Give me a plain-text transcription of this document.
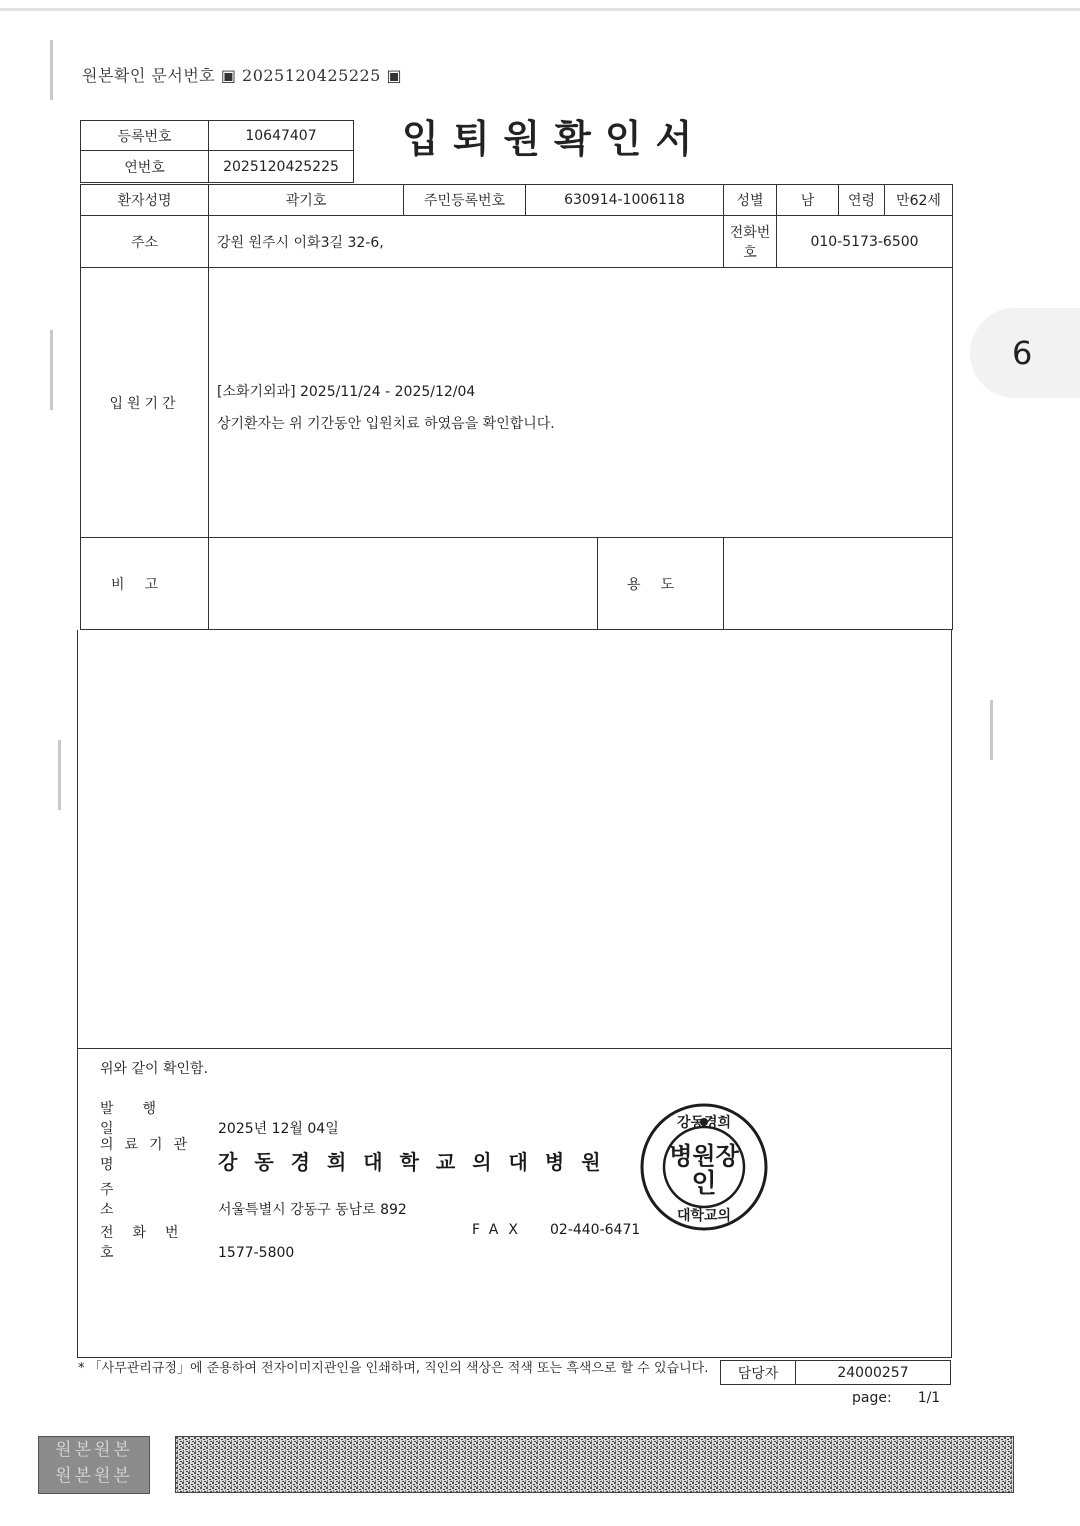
원본확인 문서번호 ▣ 2025120425225 ▣
입퇴원확인서
6
등록번호	10647407
연번호	2025120425225
환자성명	곽기호	주민등록번호	630914-1006118		성별	남	연령	만62세
주소	강원 원주시 이화3길 32-6,				전화번호	010-5173-6500		
입원기간	[소화기외과] 2025/11/24 - 2025/12/04
상기환자는 위 기간동안 입원치료 하였음을 확인합니다.							

비고				용도				
위와 같이 확인함.
발행일	2025년 12월 04일
의료기관명	강동경희대학교의대병원
주소 서울특별시 강동구 동남로 892
전화번호	1577-5800
FAX 02-440-6471
강동경희
병원장
인
대학교의
* 「사무관리규정」에 준용하여 전자이미지관인을 인쇄하며, 직인의 색상은 적색 또는 흑색으로 할 수 있습니다.	담당자	24000257
page: 1/1
원본원본
원본원본
